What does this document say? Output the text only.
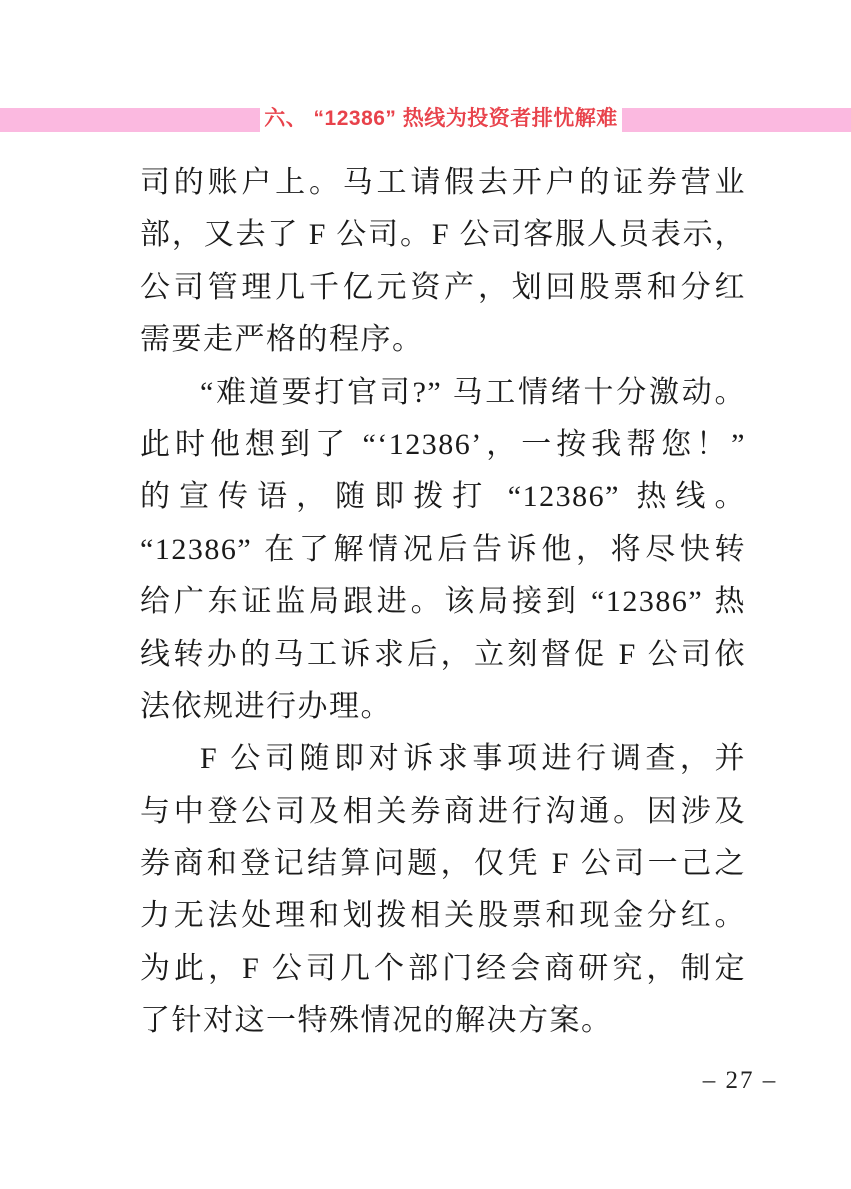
六、 “12386” 热线为投资者排忧解难
司的账户上。马工请假去开户的证券营业
部，又去了 F 公司。F 公司客服人员表示，
公司管理几千亿元资产，划回股票和分红
需要走严格的程序。
“难道要打官司?” 马工情绪十分激动。
此时他想到了 “‘12386’，一按我帮您！”
的宣传语，随即拨打 “12386” 热线。
“12386” 在了解情况后告诉他，将尽快转
给广东证监局跟进。该局接到 “12386” 热
线转办的马工诉求后，立刻督促 F 公司依
法依规进行办理。
F 公司随即对诉求事项进行调查，并
与中登公司及相关券商进行沟通。因涉及
券商和登记结算问题，仅凭 F 公司一己之
力无法处理和划拨相关股票和现金分红。
为此，F 公司几个部门经会商研究，制定
了针对这一特殊情况的解决方案。
– 27 –
